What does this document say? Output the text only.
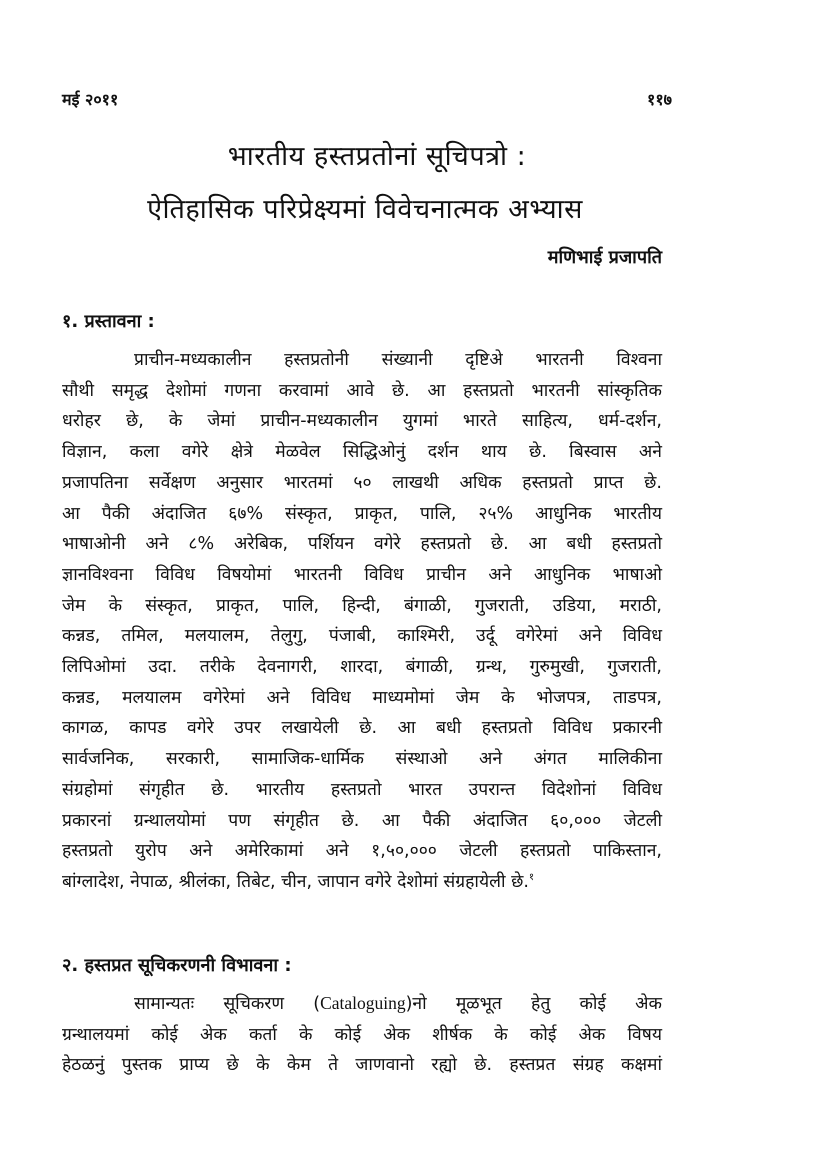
मई २०११	११७
भारतीय हस्तप्रतोनां सूचिपत्रो :
ऐतिहासिक परिप्रेक्ष्यमां विवेचनात्मक अभ्यास
मणिभाई प्रजापति
१. प्रस्तावना :
प्राचीन-मध्यकालीन हस्तप्रतोनी संख्यानी दृष्टिअे भारतनी विश्वना
सौथी समृद्ध देशोमां गणना करवामां आवे छे. आ हस्तप्रतो भारतनी सांस्कृतिक
धरोहर छे, के जेमां प्राचीन-मध्यकालीन युगमां भारते साहित्य, धर्म-दर्शन,
विज्ञान, कला वगेरे क्षेत्रे मेळवेल सिद्धिओनुं दर्शन थाय छे. बिस्वास अने
प्रजापतिना सर्वेक्षण अनुसार भारतमां ५० लाखथी अधिक हस्तप्रतो प्राप्त छे.
आ पैकी अंदाजित ६७% संस्कृत, प्राकृत, पालि, २५% आधुनिक भारतीय
भाषाओनी अने ८% अरेबिक, पर्शियन वगेरे हस्तप्रतो छे. आ बधी हस्तप्रतो
ज्ञानविश्वना विविध विषयोमां भारतनी विविध प्राचीन अने आधुनिक भाषाओ
जेम के संस्कृत, प्राकृत, पालि, हिन्दी, बंगाळी, गुजराती, उडिया, मराठी,
कन्नड, तमिल, मलयालम, तेलुगु, पंजाबी, काश्मिरी, उर्दू वगेरेमां अने विविध
लिपिओमां उदा. तरीके देवनागरी, शारदा, बंगाळी, ग्रन्थ, गुरुमुखी, गुजराती,
कन्नड, मलयालम वगेरेमां अने विविध माध्यमोमां जेम के भोजपत्र, ताडपत्र,
कागळ, कापड वगेरे उपर लखायेली छे. आ बधी हस्तप्रतो विविध प्रकारनी
सार्वजनिक, सरकारी, सामाजिक-धार्मिक संस्थाओ अने अंगत मालिकीना
संग्रहोमां संगृहीत छे. भारतीय हस्तप्रतो भारत उपरान्त विदेशोनां विविध
प्रकारनां ग्रन्थालयोमां पण संगृहीत छे. आ पैकी अंदाजित ६०,००० जेटली
हस्तप्रतो युरोप अने अमेरिकामां अने १,५०,००० जेटली हस्तप्रतो पाकिस्तान,
बांग्लादेश, नेपाळ, श्रीलंका, तिबेट, चीन, जापान वगेरे देशोमां संग्रहायेली छे.$^१$
२. हस्तप्रत सूचिकरणनी विभावना :
सामान्यतः सूचिकरण (Cataloguing)नो मूळभूत हेतु कोई अेक
ग्रन्थालयमां कोई अेक कर्ता के कोई अेक शीर्षक के कोई अेक विषय
हेठळनुं पुस्तक प्राप्य छे के केम ते जाणवानो रह्यो छे. हस्तप्रत संग्रह कक्षमां
